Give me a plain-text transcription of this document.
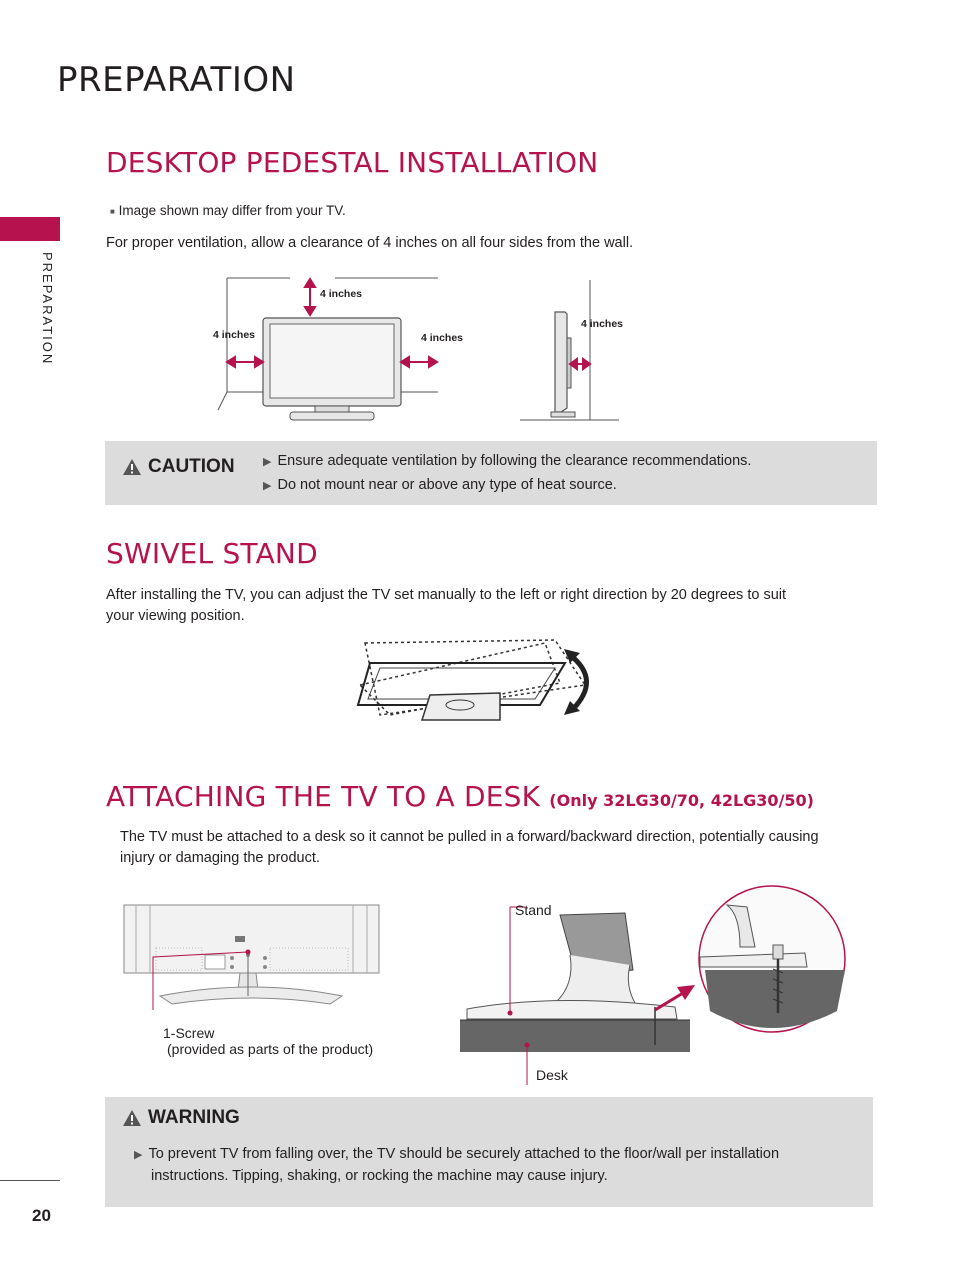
PREPARATION
PREPARATION
DESKTOP PEDESTAL INSTALLATION
■ Image shown may differ from your TV.
For proper ventilation, allow a clearance of 4 inches on all four sides from the wall.
4 inches
4 inches	4 inches
4 inches
CAUTION	▶ Ensure adequate ventilation by following the clearance recommendations.
▶ Do not mount near or above any type of heat source.
SWIVEL STAND
After installing the TV, you can adjust the TV set manually to the left or right direction by 20 degrees to suit
your viewing position.
ATTACHING THE TV TO A DESK (Only 32LG30/70, 42LG30/50)
The TV must be attached to a desk so it cannot be pulled in a forward/backward direction, potentially causing
injury or damaging the product.
1-Screw
(provided as parts of the product)
Stand
Desk
WARNING
▶ To prevent TV from falling over, the TV should be securely attached to the floor/wall per installation
instructions. Tipping, shaking, or rocking the machine may cause injury.
20
